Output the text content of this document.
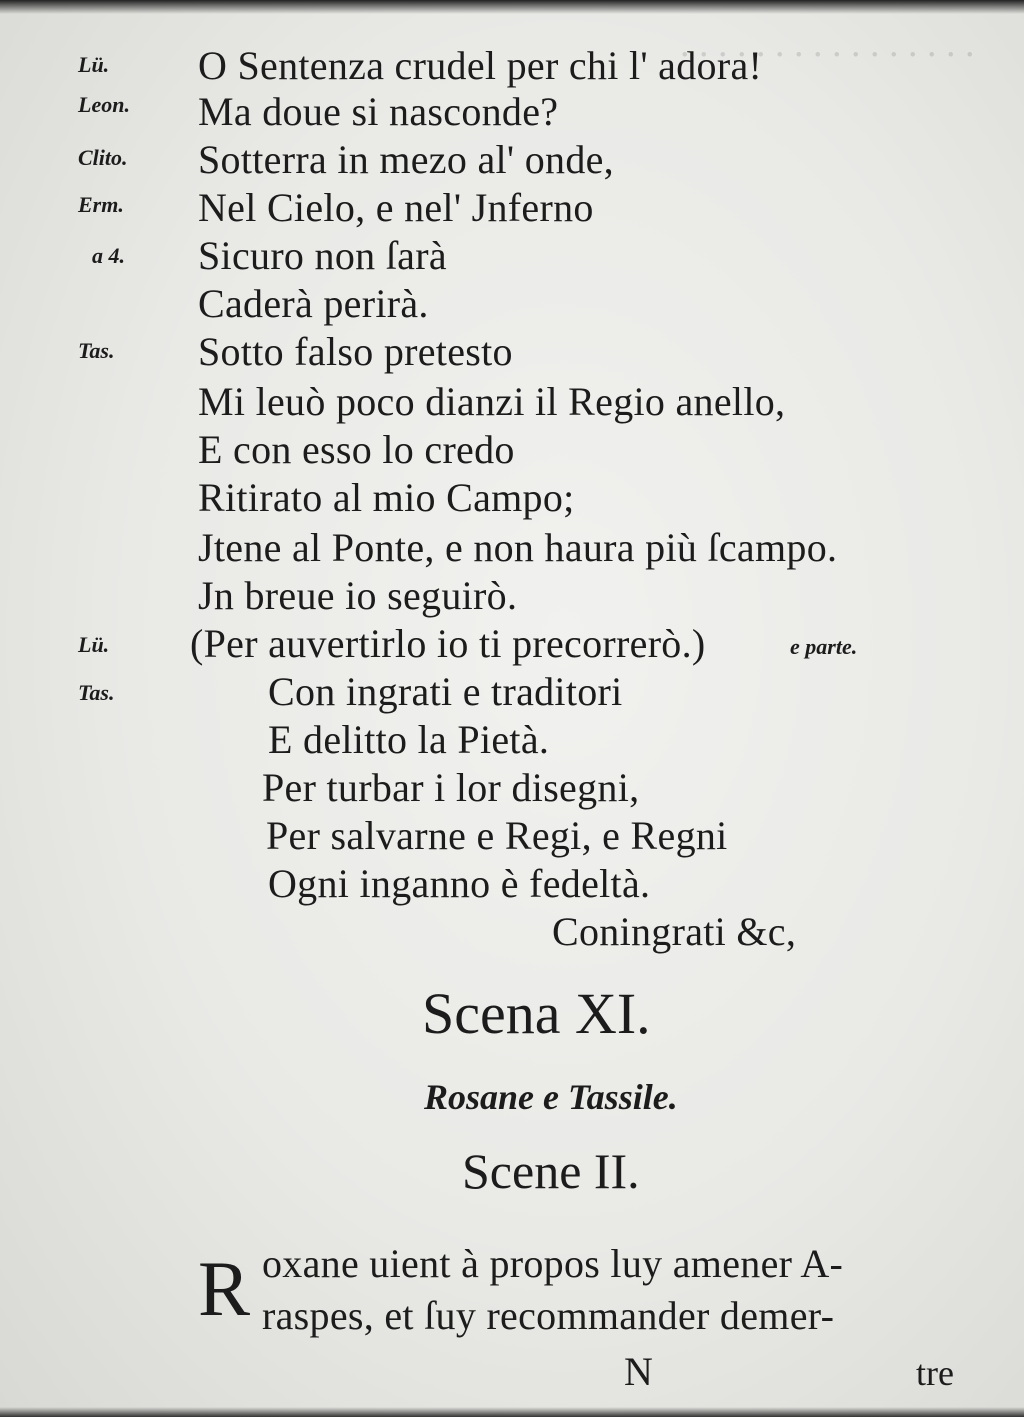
. . . . . . . . . . . . . . . .
Lü.
Leon.
Clito.
Erm.
a 4.
Tas.
Lü.
Tas.
O Sentenza crudel per chi l' adora!
Ma doue si nasconde?
Sotterra in mezo al' onde,
Nel Cielo, e nel' Jnferno
Sicuro non ſarà
Caderà perirà.
Sotto falso pretesto
Mi leuò poco dianzi il Regio anello,
E con esso lo credo
Ritirato al mio Campo;
Jtene al Ponte, e non haura più ſcampo.
Jn breue io seguirò.
(Per auvertirlo io ti precorrerò.)	e parte.
Con ingrati e traditori
E delitto la Pietà.
Per turbar i lor disegni,
Per salvarne e Regi, e Regni
Ogni inganno è fedeltà.
Coningrati &c,
Scena XI.
Rosane e Tassile.
Scene II.
R oxane uient à propos luy amener A-
raspes, et ſuy recommander demer-
N	tre
